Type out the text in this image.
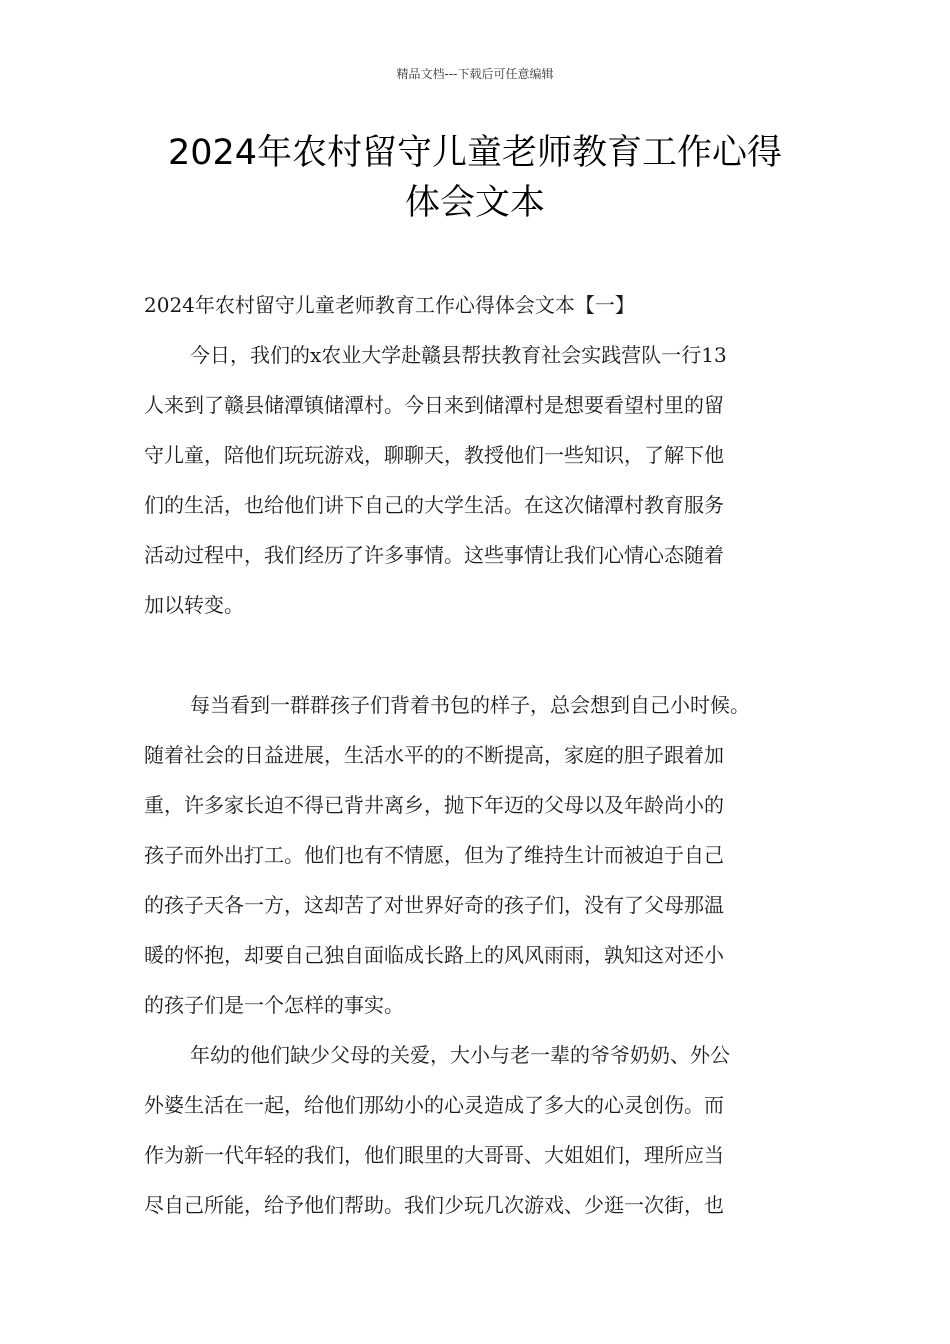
精品文档---下载后可任意编辑
2024年农村留守儿童老师教育工作心得
体会文本
2024年农村留守儿童老师教育工作心得体会文本【一】
今日，我们的x农业大学赴赣县帮扶教育社会实践营队一行13
人来到了赣县储潭镇储潭村。今日来到储潭村是想要看望村里的留
守儿童，陪他们玩玩游戏，聊聊天，教授他们一些知识，了解下他
们的生活，也给他们讲下自己的大学生活。在这次储潭村教育服务
活动过程中，我们经历了许多事情。这些事情让我们心情心态随着
加以转变。
每当看到一群群孩子们背着书包的样子，总会想到自己小时候。
随着社会的日益进展，生活水平的的不断提高，家庭的胆子跟着加
重，许多家长迫不得已背井离乡，抛下年迈的父母以及年龄尚小的
孩子而外出打工。他们也有不情愿，但为了维持生计而被迫于自己
的孩子天各一方，这却苦了对世界好奇的孩子们，没有了父母那温
暖的怀抱，却要自己独自面临成长路上的风风雨雨，孰知这对还小
的孩子们是一个怎样的事实。
年幼的他们缺少父母的关爱，大小与老一辈的爷爷奶奶、外公
外婆生活在一起，给他们那幼小的心灵造成了多大的心灵创伤。而
作为新一代年轻的我们，他们眼里的大哥哥、大姐姐们，理所应当
尽自己所能，给予他们帮助。我们少玩几次游戏、少逛一次街，也
